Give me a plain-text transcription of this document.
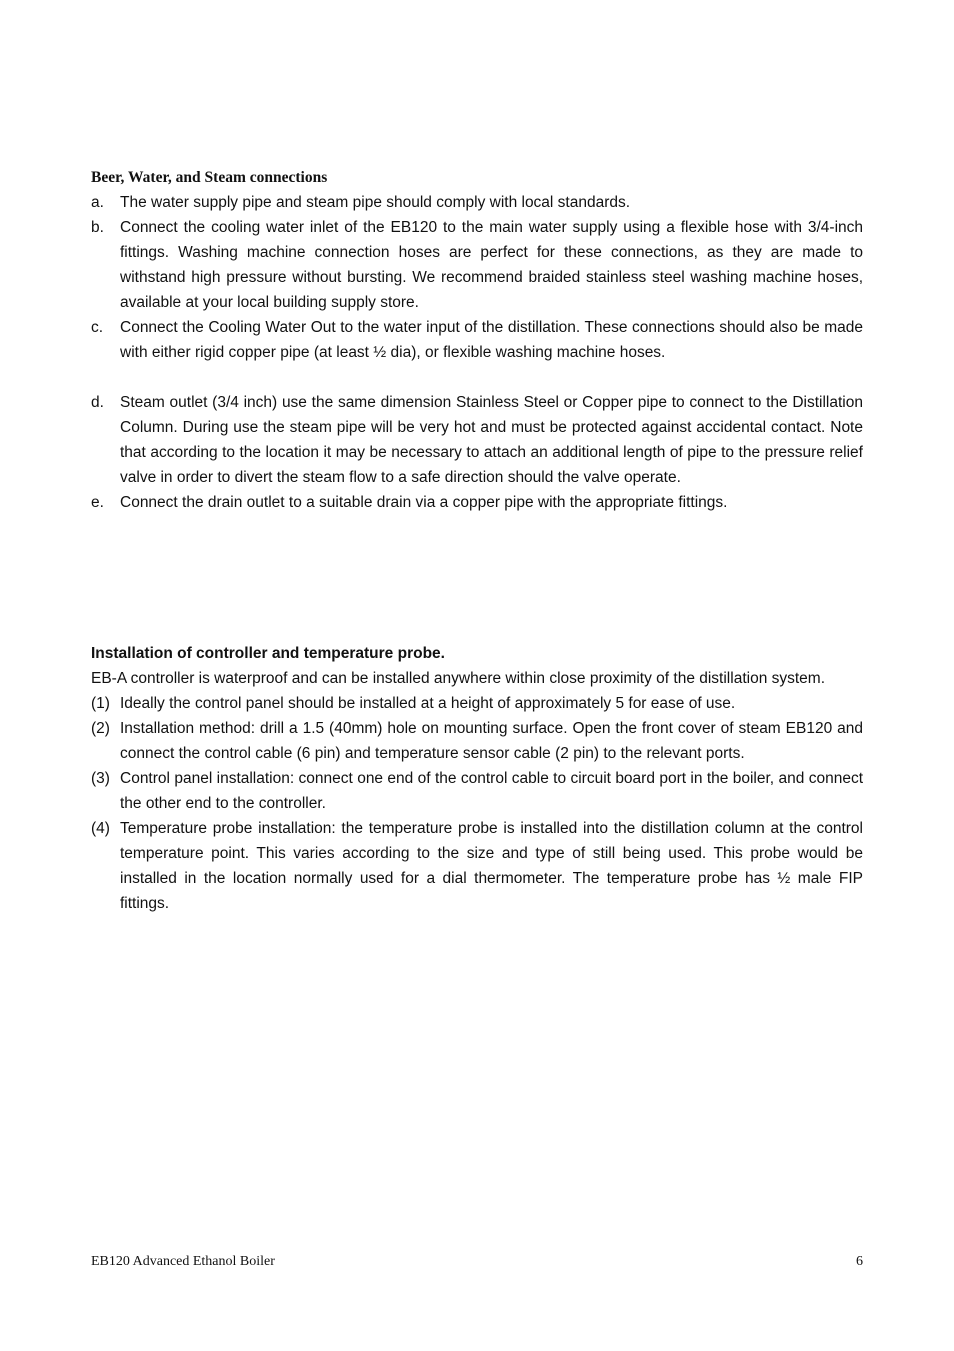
Beer, Water, and Steam connections
a. The water supply pipe and steam pipe should comply with local standards.
b. Connect the cooling water inlet of the EB120 to the main water supply using a flexible hose with 3/4-inch fittings. Washing machine connection hoses are perfect for these connections, as they are made to withstand high pressure without bursting. We recommend braided stainless steel washing machine hoses, available at your local building supply store.
c. Connect the Cooling Water Out to the water input of the distillation. These connections should also be made with either rigid copper pipe (at least ½ dia), or flexible washing machine hoses.
d. Steam outlet (3/4 inch) use the same dimension Stainless Steel or Copper pipe to connect to the Distillation Column. During use the steam pipe will be very hot and must be protected against accidental contact. Note that according to the location it may be necessary to attach an additional length of pipe to the pressure relief valve in order to divert the steam flow to a safe direction should the valve operate.
e. Connect the drain outlet to a suitable drain via a copper pipe with the appropriate fittings.
Installation of controller and temperature probe.

EB-A controller is waterproof and can be installed anywhere within close proximity of the distillation system.

(1) Ideally the control panel should be installed at a height of approximately 5 for ease of use.
(2) Installation method: drill a 1.5 (40mm) hole on mounting surface. Open the front cover of steam EB120 and connect the control cable (6 pin) and temperature sensor cable (2 pin) to the relevant ports.
(3) Control panel installation: connect one end of the control cable to circuit board port in the boiler, and connect the other end to the controller.
(4) Temperature probe installation: the temperature probe is installed into the distillation column at the control temperature point. This varies according to the size and type of still being used. This probe would be installed in the location normally used for a dial thermometer. The temperature probe has ½ male FIP fittings.
EB120 Advanced Ethanol Boiler	6
